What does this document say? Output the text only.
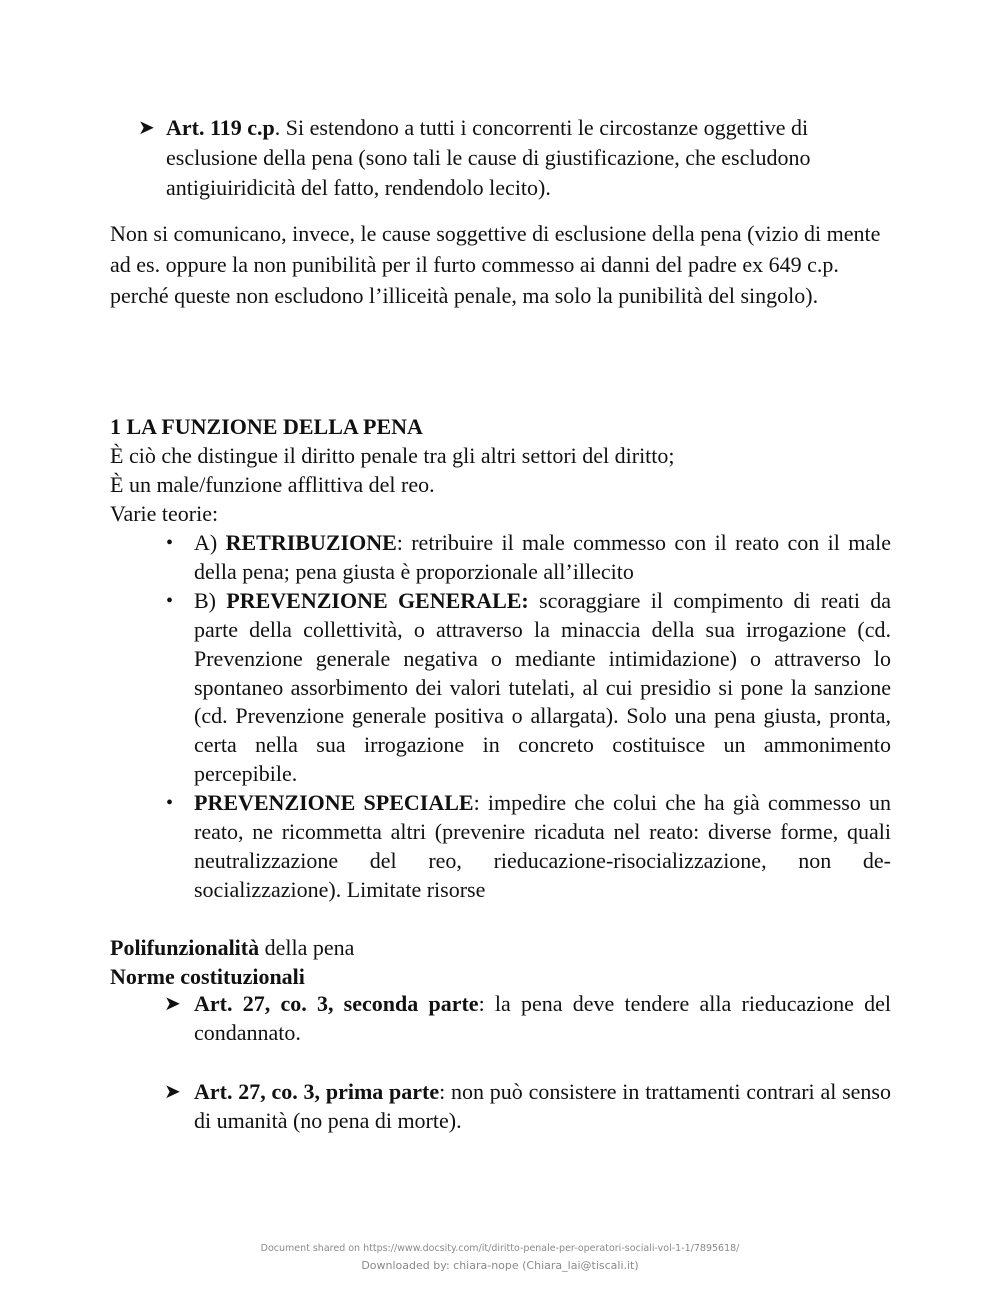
➤ Art. 119 c.p. Si estendono a tutti i concorrenti le circostanze oggettive di esclusione della pena (sono tali le cause di giustificazione, che escludono antigiuiridicità del fatto, rendendolo lecito).
Non si comunicano, invece, le cause soggettive di esclusione della pena (vizio di mente ad es. oppure la non punibilità per il furto commesso ai danni del padre ex 649 c.p. perché queste non escludono l’illiceità penale, ma solo la punibilità del singolo).
1 LA FUNZIONE DELLA PENA
È ciò che distingue il diritto penale tra gli altri settori del diritto;
È un male/funzione afflittiva del reo.
Varie teorie:
• A) RETRIBUZIONE: retribuire il male commesso con il reato con il male della pena; pena giusta è proporzionale all’illecito
• B) PREVENZIONE GENERALE: scoraggiare il compimento di reati da parte della collettività, o attraverso la minaccia della sua irrogazione (cd. Prevenzione generale negativa o mediante intimidazione) o attraverso lo spontaneo assorbimento dei valori tutelati, al cui presidio si pone la sanzione (cd. Prevenzione generale positiva o allargata). Solo una pena giusta, pronta, certa nella sua irrogazione in concreto costituisce un ammonimento percepibile.
• PREVENZIONE SPECIALE: impedire che colui che ha già commesso un reato, ne ricommetta altri (prevenire ricaduta nel reato: diverse forme, quali neutralizzazione del reo, rieducazione-risocializzazione, non de-socializzazione). Limitate risorse
Polifunzionalità della pena
Norme costituzionali
➤ Art. 27, co. 3, seconda parte: la pena deve tendere alla rieducazione del condannato.
➤ Art. 27, co. 3, prima parte: non può consistere in trattamenti contrari al senso di umanità (no pena di morte).
Document shared on https://www.docsity.com/it/diritto-penale-per-operatori-sociali-vol-1-1/7895618/
Downloaded by: chiara-nope (Chiara_lai@tiscali.it)
